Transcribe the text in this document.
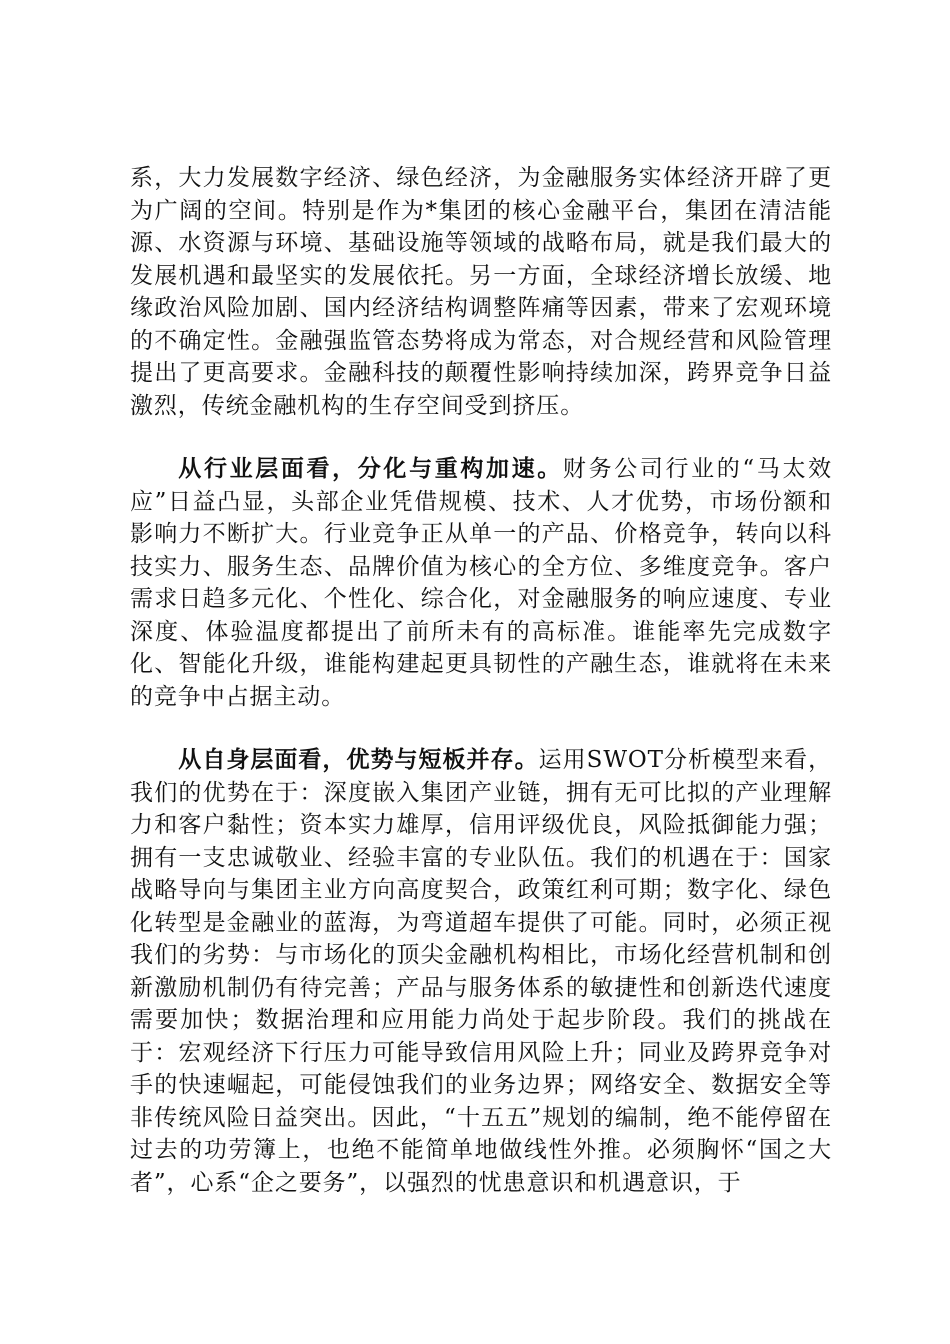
系，大力发展数字经济、绿色经济，为金融服务实体经济开辟了更为广阔的空间。特别是作为*集团的核心金融平台，集团在清洁能源、水资源与环境、基础设施等领域的战略布局，就是我们最大的发展机遇和最坚实的发展依托。另一方面，全球经济增长放缓、地缘政治风险加剧、国内经济结构调整阵痛等因素，带来了宏观环境的不确定性。金融强监管态势将成为常态，对合规经营和风险管理提出了更高要求。金融科技的颠覆性影响持续加深，跨界竞争日益激烈，传统金融机构的生存空间受到挤压。

从行业层面看，分化与重构加速。财务公司行业的“马太效应”日益凸显，头部企业凭借规模、技术、人才优势，市场份额和影响力不断扩大。行业竞争正从单一的产品、价格竞争，转向以科技实力、服务生态、品牌价值为核心的全方位、多维度竞争。客户需求日趋多元化、个性化、综合化，对金融服务的响应速度、专业深度、体验温度都提出了前所未有的高标准。谁能率先完成数字化、智能化升级，谁能构建起更具韧性的产融生态，谁就将在未来的竞争中占据主动。

从自身层面看，优势与短板并存。运用SWOT分析模型来看，我们的优势在于：深度嵌入集团产业链，拥有无可比拟的产业理解力和客户黏性；资本实力雄厚，信用评级优良，风险抵御能力强；拥有一支忠诚敬业、经验丰富的专业队伍。我们的机遇在于：国家战略导向与集团主业方向高度契合，政策红利可期；数字化、绿色化转型是金融业的蓝海，为弯道超车提供了可能。同时，必须正视我们的劣势：与市场化的顶尖金融机构相比，市场化经营机制和创新激励机制仍有待完善；产品与服务体系的敏捷性和创新迭代速度需要加快；数据治理和应用能力尚处于起步阶段。我们的挑战在于：宏观经济下行压力可能导致信用风险上升；同业及跨界竞争对手的快速崛起，可能侵蚀我们的业务边界；网络安全、数据安全等非传统风险日益突出。因此，“十五五”规划的编制，绝不能停留在过去的功劳簿上，也绝不能简单地做线性外推。必须胸怀“国之大者”，心系“企之要务”，以强烈的忧患意识和机遇意识，于
